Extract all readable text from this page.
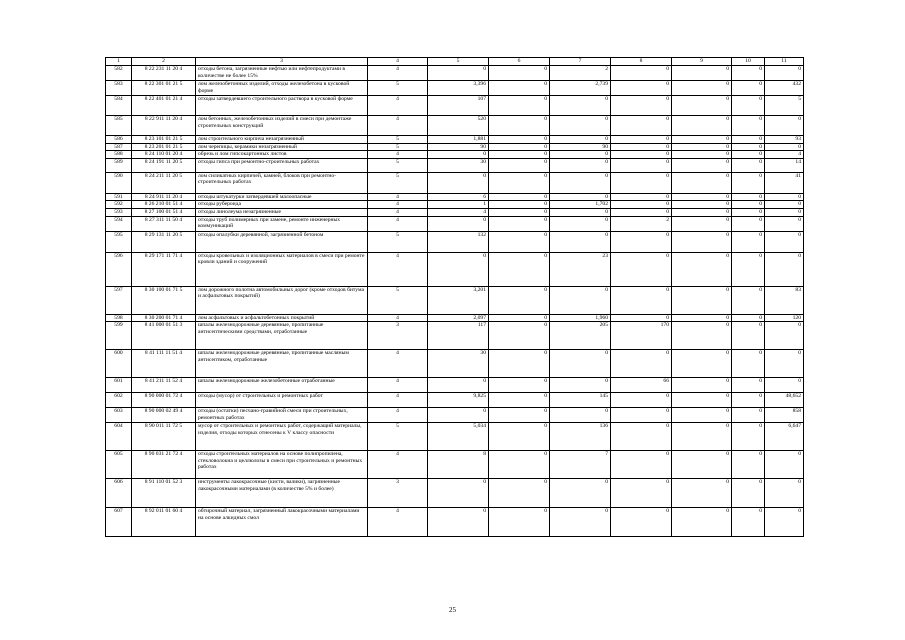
1	2	3	4	5	6	7	8	9	10	11
582	8 22 231 11 20 4	отходы бетона, загрязненные нефтью или нефтепродуктами в количестве не более 15%	4	0	0	2	0	0	0	0
583	8 22 301 01 21 5	лом железобетонных изделий, отходы железобетона в кусковой форме	5	3,396	0	2,739	0	0	0	432
584	8 22 401 01 21 4	отходы затвердевшего строительного раствора в кусковой форме	4	107	0	0	0	0	0	5
585	8 22 911 11 20 4	лом бетонных, железобетонных изделий в смеси при демонтаже строительных конструкций	4	520	0	0	0	0	0	0
586	8 23 101 01 21 5	лом строительного кирпича незагрязненный	5	1,881	0	0	0	0	0	93
587	8 23 201 01 21 5	лом черепицы, керамики незагрязненный	5	90	0	90	0	0	0	0
588	8 24 110 01 20 4	обрезь и лом гипсокартонных листов	4	0	0	0	0	0	0	4
589	8 24 191 11 20 5	отходы гипса при ремонтно-строительных работах	5	30	0	0	0	0	0	14
590	8 24 211 11 20 5	лом силикатных кирпичей, камней, блоков при ремонтно-строительных работах	5	0	0	0	0	0	0	41
591	8 24 911 11 20 4	отходы штукатурки затвердевшей малоопасные	4	6	0	0	0	0	0	0
592	8 26 210 01 51 4	отходы рубероида	4	1	0	1,702	0	0	0	0
593	8 27 100 01 51 4	отходы линолеума незагрязненные	4	4	0	0	0	0	0	0
594	8 27 311 11 50 4	отходы труб полимерных при замене, ремонте инженерных коммуникаций	4	0	0	0	2	0	0	0
595	8 29 131 11 20 5	отходы опалубки деревянной, загрязненной бетоном	5	132	0	0	0	0	0	0
596	8 29 171 11 71 4	отходы кровельных и изоляционных материалов в смеси при ремонте кровли зданий и сооружений	4	0	0	23	0	0	0	0
597	8 30 100 01 71 5	лом дорожного полотна автомобильных дорог (кроме отходов битума и асфальтовых покрытий)	5	3,201	0	0	0	0	0	83
598	8 30 200 01 71 4	лом асфальтовых и асфальтобетонных покрытий	4	2,097	0	1,960	0	0	0	120
599	8 41 000 01 51 3	шпалы железнодорожные деревянные, пропитанные антисептическими средствами, отработанные	3	117	0	205	170	0	0	0
600	8 41 111 11 51 4	шпалы железнодорожные деревянные, пропитанные масляным антисептиком, отработанные	4	30	0	0	0	0	0	0
601	8 41 211 11 52 4	шпалы железнодорожные железобетонные отработанные	4	0	0	0	66	0	0	0
602	8 90 000 01 72 4	отходы (мусор) от строительных и ремонтных работ	4	9,825	0	145	0	0	0	48,652
603	8 90 000 02 49 4	отходы (остатки) песчано-гравийной смеси при строительных, ремонтных работах	4	0	0	0	0	0	0	858
604	8 90 011 11 72 5	мусор от строительных и ремонтных работ, содержащий материалы, изделия, отходы которых отнесены к V классу опасности	5	5,034	0	136	0	0	0	6,647
605	8 90 031 21 72 4	отходы строительных материалов на основе полипропилена, стекловолокна и целлюлозы в смеси при строительных и ремонтных работах	4	8	0	7	0	0	0	0
606	8 91 110 01 52 3	инструменты лакокрасочные (кисти, валики), загрязненные лакокрасочными материалами (в количестве 5% и более)	3	0	0	0	0	0	0	0
607	8 92 011 01 60 4	обтирочный материал, загрязненный лакокрасочными материалами на основе алкидных смол	4	0	0	0	0	0	0	0
25
